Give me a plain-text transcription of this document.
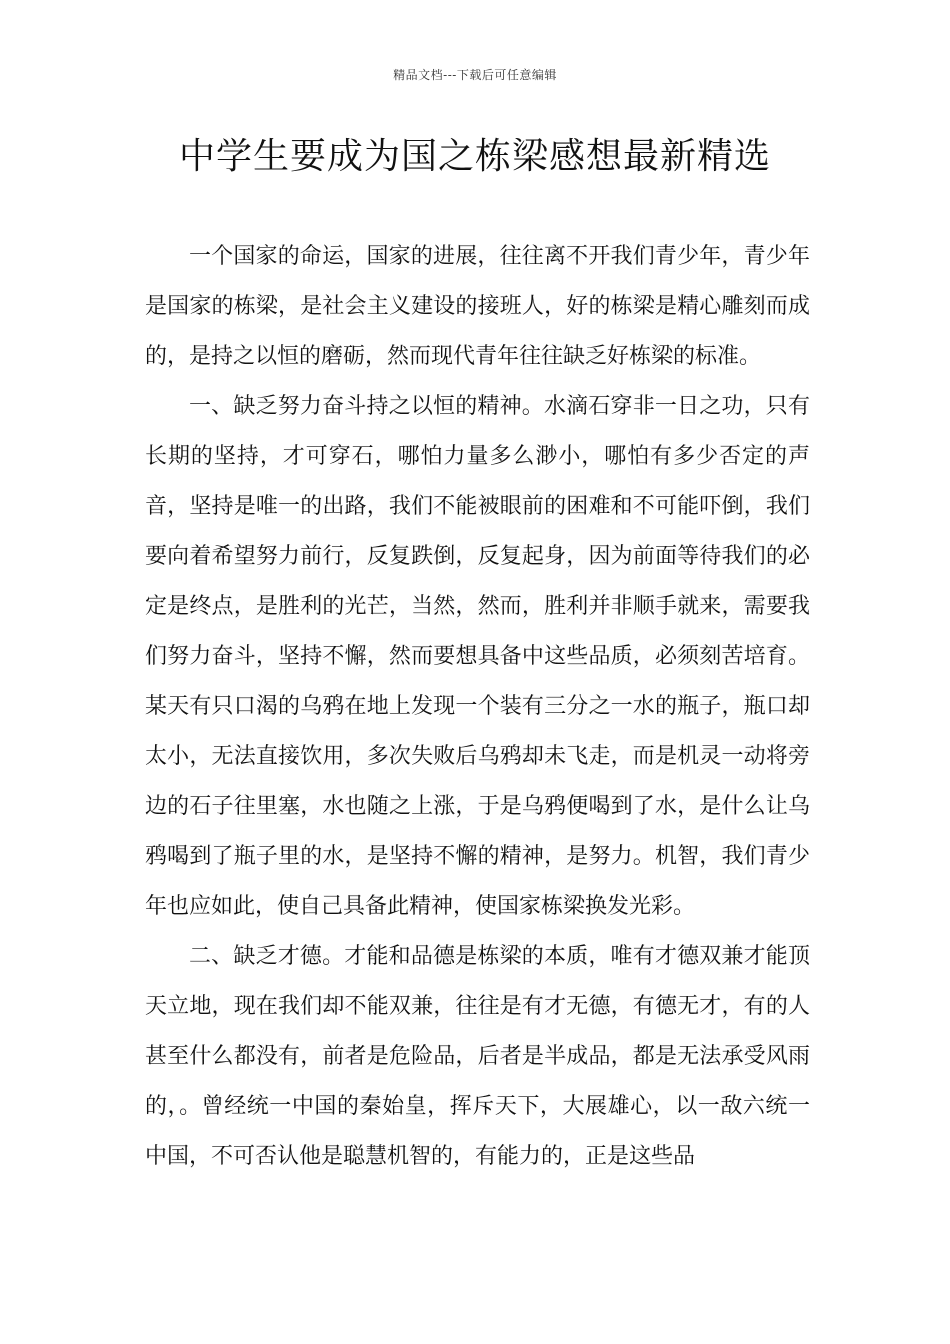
精品文档---下载后可任意编辑
中学生要成为国之栋梁感想最新精选

一个国家的命运，国家的进展，往往离不开我们青少年，青少年是国家的栋梁，是社会主义建设的接班人，好的栋梁是精心雕刻而成的，是持之以恒的磨砺，然而现代青年往往缺乏好栋梁的标准。

一、缺乏努力奋斗持之以恒的精神。水滴石穿非一日之功，只有长期的坚持，才可穿石，哪怕力量多么渺小，哪怕有多少否定的声音，坚持是唯一的出路，我们不能被眼前的困难和不可能吓倒，我们要向着希望努力前行，反复跌倒，反复起身，因为前面等待我们的必定是终点，是胜利的光芒，当然，然而，胜利并非顺手就来，需要我们努力奋斗，坚持不懈，然而要想具备中这些品质，必须刻苦培育。某天有只口渴的乌鸦在地上发现一个装有三分之一水的瓶子，瓶口却太小，无法直接饮用，多次失败后乌鸦却未飞走，而是机灵一动将旁边的石子往里塞，水也随之上涨，于是乌鸦便喝到了水，是什么让乌鸦喝到了瓶子里的水，是坚持不懈的精神，是努力。机智，我们青少年也应如此，使自己具备此精神，使国家栋梁换发光彩。

二、缺乏才德。才能和品德是栋梁的本质，唯有才德双兼才能顶天立地，现在我们却不能双兼，往往是有才无德，有德无才，有的人甚至什么都没有，前者是危险品，后者是半成品，都是无法承受风雨的，。曾经统一中国的秦始皇，挥斥天下，大展雄心，以一敌六统一中国，不可否认他是聪慧机智的，有能力的，正是这些品
